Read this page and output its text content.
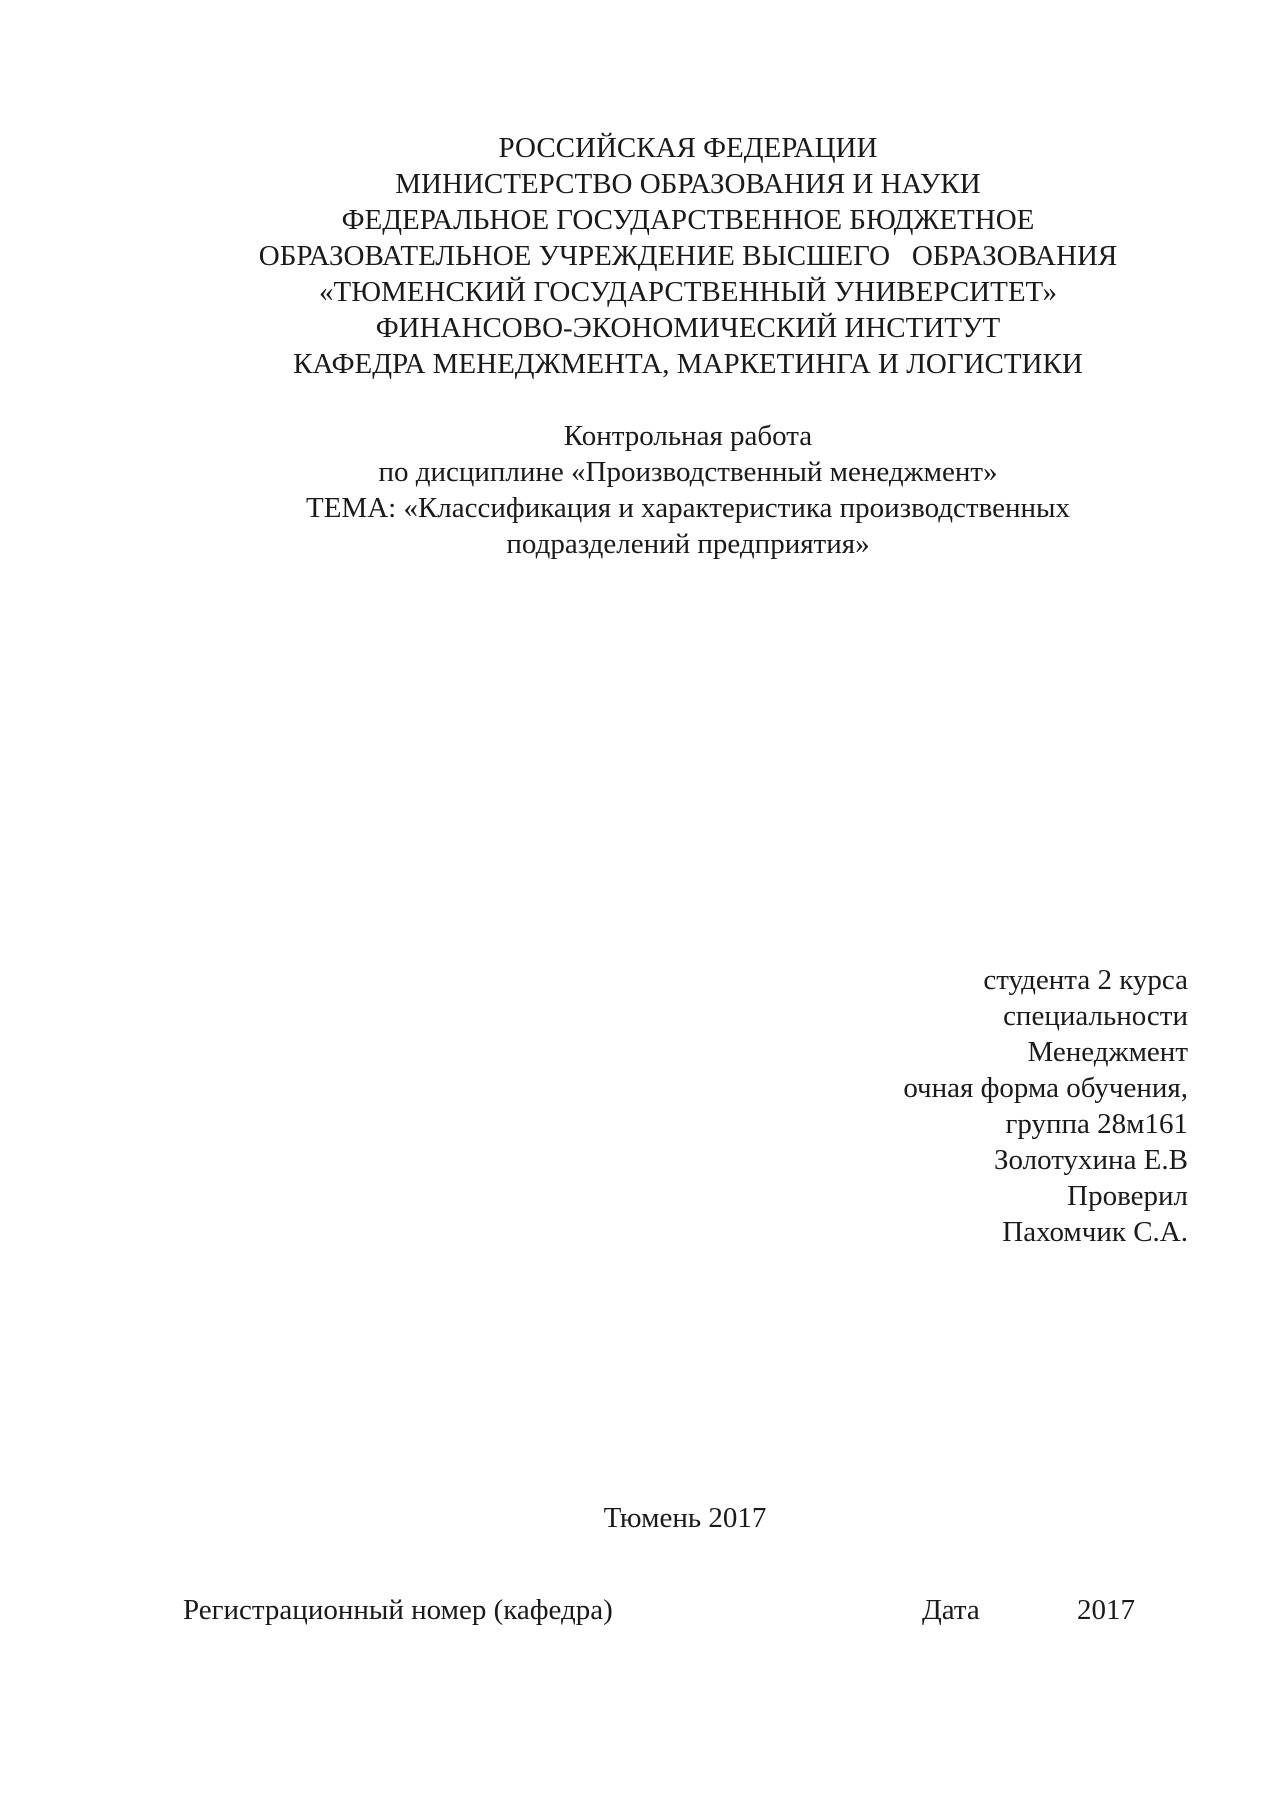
РОССИЙСКАЯ ФЕДЕРАЦИИ
МИНИСТЕРСТВО ОБРАЗОВАНИЯ И НАУКИ
ФЕДЕРАЛЬНОЕ ГОСУДАРСТВЕННОЕ БЮДЖЕТНОЕ
ОБРАЗОВАТЕЛЬНОЕ УЧРЕЖДЕНИЕ ВЫСШЕГО   ОБРАЗОВАНИЯ
«ТЮМЕНСКИЙ ГОСУДАРСТВЕННЫЙ УНИВЕРСИТЕТ»
ФИНАНСОВО-ЭКОНОМИЧЕСКИЙ ИНСТИТУТ
КАФЕДРА МЕНЕДЖМЕНТА, МАРКЕТИНГА И ЛОГИСТИКИ
Контрольная работа
по дисциплине «Производственный менеджмент»
ТЕМА: «Классификация и характеристика производственных
подразделений предприятия»
студента 2 курса
специальности
Менеджмент
очная форма обучения,
группа 28м161
Золотухина Е.В
Проверил
Пахомчик С.А.
Тюмень 2017
Регистрационный номер (кафедра)	Дата	2017
